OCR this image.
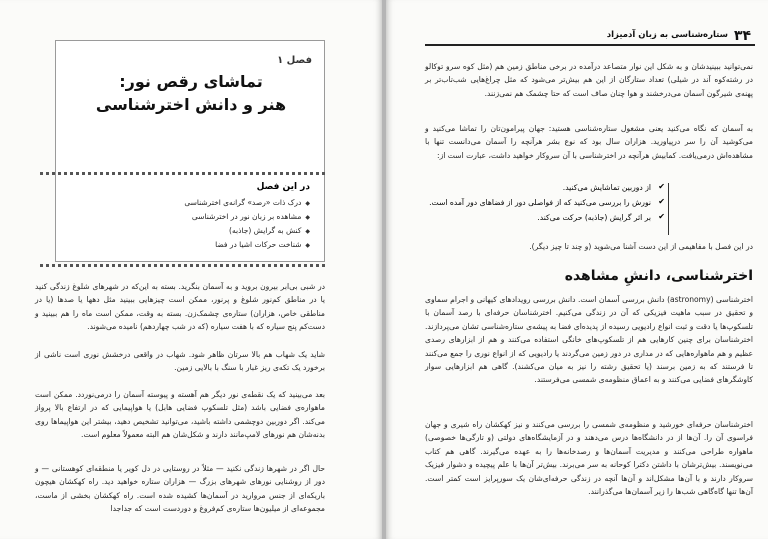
فصل ۱
تماشای رقص نور:
هنر و دانش اخترشناسی
در این فصل
◆ درک ذات «رصد» گرانه‌ی اخترشناسی
◆ مشاهده بر زبان نور در اخترشناسی
◆ کنش به گرایش (جاذبه)
◆ شناخت حرکات اشیا در فضا

در شبی بی‌ابر بیرون بروید و به آسمان بنگرید. بسته به این‌که در شهرهای شلوغ زندگی کنید یا در مناطق کم‌نور شلوغ و پرنور، ممکن است چیزهایی ببینید مثل دهها یا صدها (یا در مناطقی خاص، هزاران) ستاره‌ی چشمک‌زن. بسته به وقت، ممکن است ماه را هم ببینید و دست‌کم پنج سیاره که با هفت سیاره (که در شب چهاردهم) نامیده می‌شوند.

شاید یک شهاب هم بالا سرتان ظاهر شود. شهاب در واقعی درخشش نوری است ناشی از برخورد یک تکه‌ی ریز غبار با سنگ با بالایی زمین.

بعد می‌بینید که یک نقطه‌ی نور دیگر هم آهسته و پیوسته آسمان را درمی‌نوردد. ممکن است ماهواره‌ی فضایی باشد (مثل تلسکوپ فضایی هابل) یا هواپیمایی که در ارتفاع بالا پرواز می‌کند. اگر دوربین دوچشمی داشته باشید، می‌توانید تشخیص دهید، بیشتر این هواپیماها روی بدنه‌شان هم نورهای لامپ‌مانند دارند و شکل‌شان هم البته معمولاً معلوم است.

حال اگر در شهرها زندگی نکنید — مثلاً در روستایی در دل کویر یا منطقه‌ای کوهستانی — و دور از روشنایی نورهای شهرهای بزرگ — هزاران ستاره خواهید دید. راه کهکشان هیچون باریکه‌ای از جنس مروارید در آسمان‌ها کشیده شده است. راه کهکشان بخشی از ماست، مجموعه‌ای از میلیون‌ها ستاره‌ی کم‌فروغ و دوردست است که جداجدا

۳۴
ستاره‌شناسی به زبان آدمیزاد

نمی‌توانید ببینیدشان و به شکل این نوار متصاعد درآمده در برخی مناطق زمین هم (مثل کوه سرو توکالو در رشته‌کوه آند در شیلی) تعداد ستارگان از این هم بیش‌تر می‌شود که مثل چراغ‌هایی شب‌تاب‌تر بر پهنه‌ی شیرگون آسمان می‌درخشند و هوا چنان صاف است که حتا چشمک هم نمی‌زنند.

به آسمان که نگاه می‌کنید یعنی مشغول ستاره‌شناسی هستید: جهان پیرامون‌تان را تماشا می‌کنید و می‌کوشید آن را سر درپیاورید. هزاران سال بود که نوع بشر هرآنچه را آسمان می‌دانست تنها با مشاهده‌اش درمی‌یافت. کمابیش هرآنچه در اخترشناسی با آن سروکار خواهید داشت، عبارت است از:

✔ از دوربین تماشایش می‌کنید.
✔ نورش را بررسی می‌کنید که از فواصلی دور از فضاهای دور آمده است.
✔ بر اثر گرایش (جاذبه) حرکت می‌کند.

در این فصل با مفاهیمی از این دست آشنا می‌شوید (و چند تا چیز دیگر).

اخترشناسی، دانشِ مشاهده

اخترشناسی (astronomy) دانش بررسی آسمان است. دانش بررسی رویدادهای کیهانی و اجرام سماوی و تحقیق در سبب ماهیت فیزیکی که آن در زندگی می‌کنیم. اخترشناسان حرفه‌ای با رصد آسمان با تلسکوپ‌ها یا دقت و ثبت انواع رادیویی رسیده از پدیده‌ای فضا به پیشه‌ی ستاره‌شناسی تشان می‌پردازند. اخترشناسان برای چنین کارهایی هم از تلسکوپ‌های خانگی استفاده می‌کنند و هم از ابزارهای رصدی عظیم و هم ماهواره‌هایی که در مداری در دور زمین می‌گردند یا رادیویی که از انواع نوری را جمع می‌کنند تا فرستند که به زمین برسند (یا تحقیق رشته را نیز به میان می‌کشند). گاهی هم ابزارهایی سوار کاوشگرهای فضایی می‌کنند و به اعماق منظومه‌ی شمسی می‌فرستند.

اخترشناسان حرفه‌ای خورشید و منظومه‌ی شمسی را بررسی می‌کنند و نیز کهکشان راه شیری و جهان فراسوی آن را. آن‌ها از در دانشگاه‌ها درس می‌دهند و در آزمایشگاه‌های دولتی (و تارگی‌ها خصوصی) ماهواره طراحی می‌کنند و مدیریت آسمان‌ها و رصدخانه‌ها را به عهده می‌گیرند. گاهی هم کتاب می‌نویسند. بیش‌ترشان با داشتن دکترا کوحانه به سر می‌برند. بیش‌تر آن‌ها با علم پیچیده و دشوار فیزیک سروکار دارند و با آن‌ها مشکل‌اند و آن‌ها آنچه در زندگی حرفه‌ای‌شان یک سورپرایز است کمتر است. آن‌ها تنها گاه‌گاهی شب‌ها را زیر آسمان‌ها می‌گذرانند.
